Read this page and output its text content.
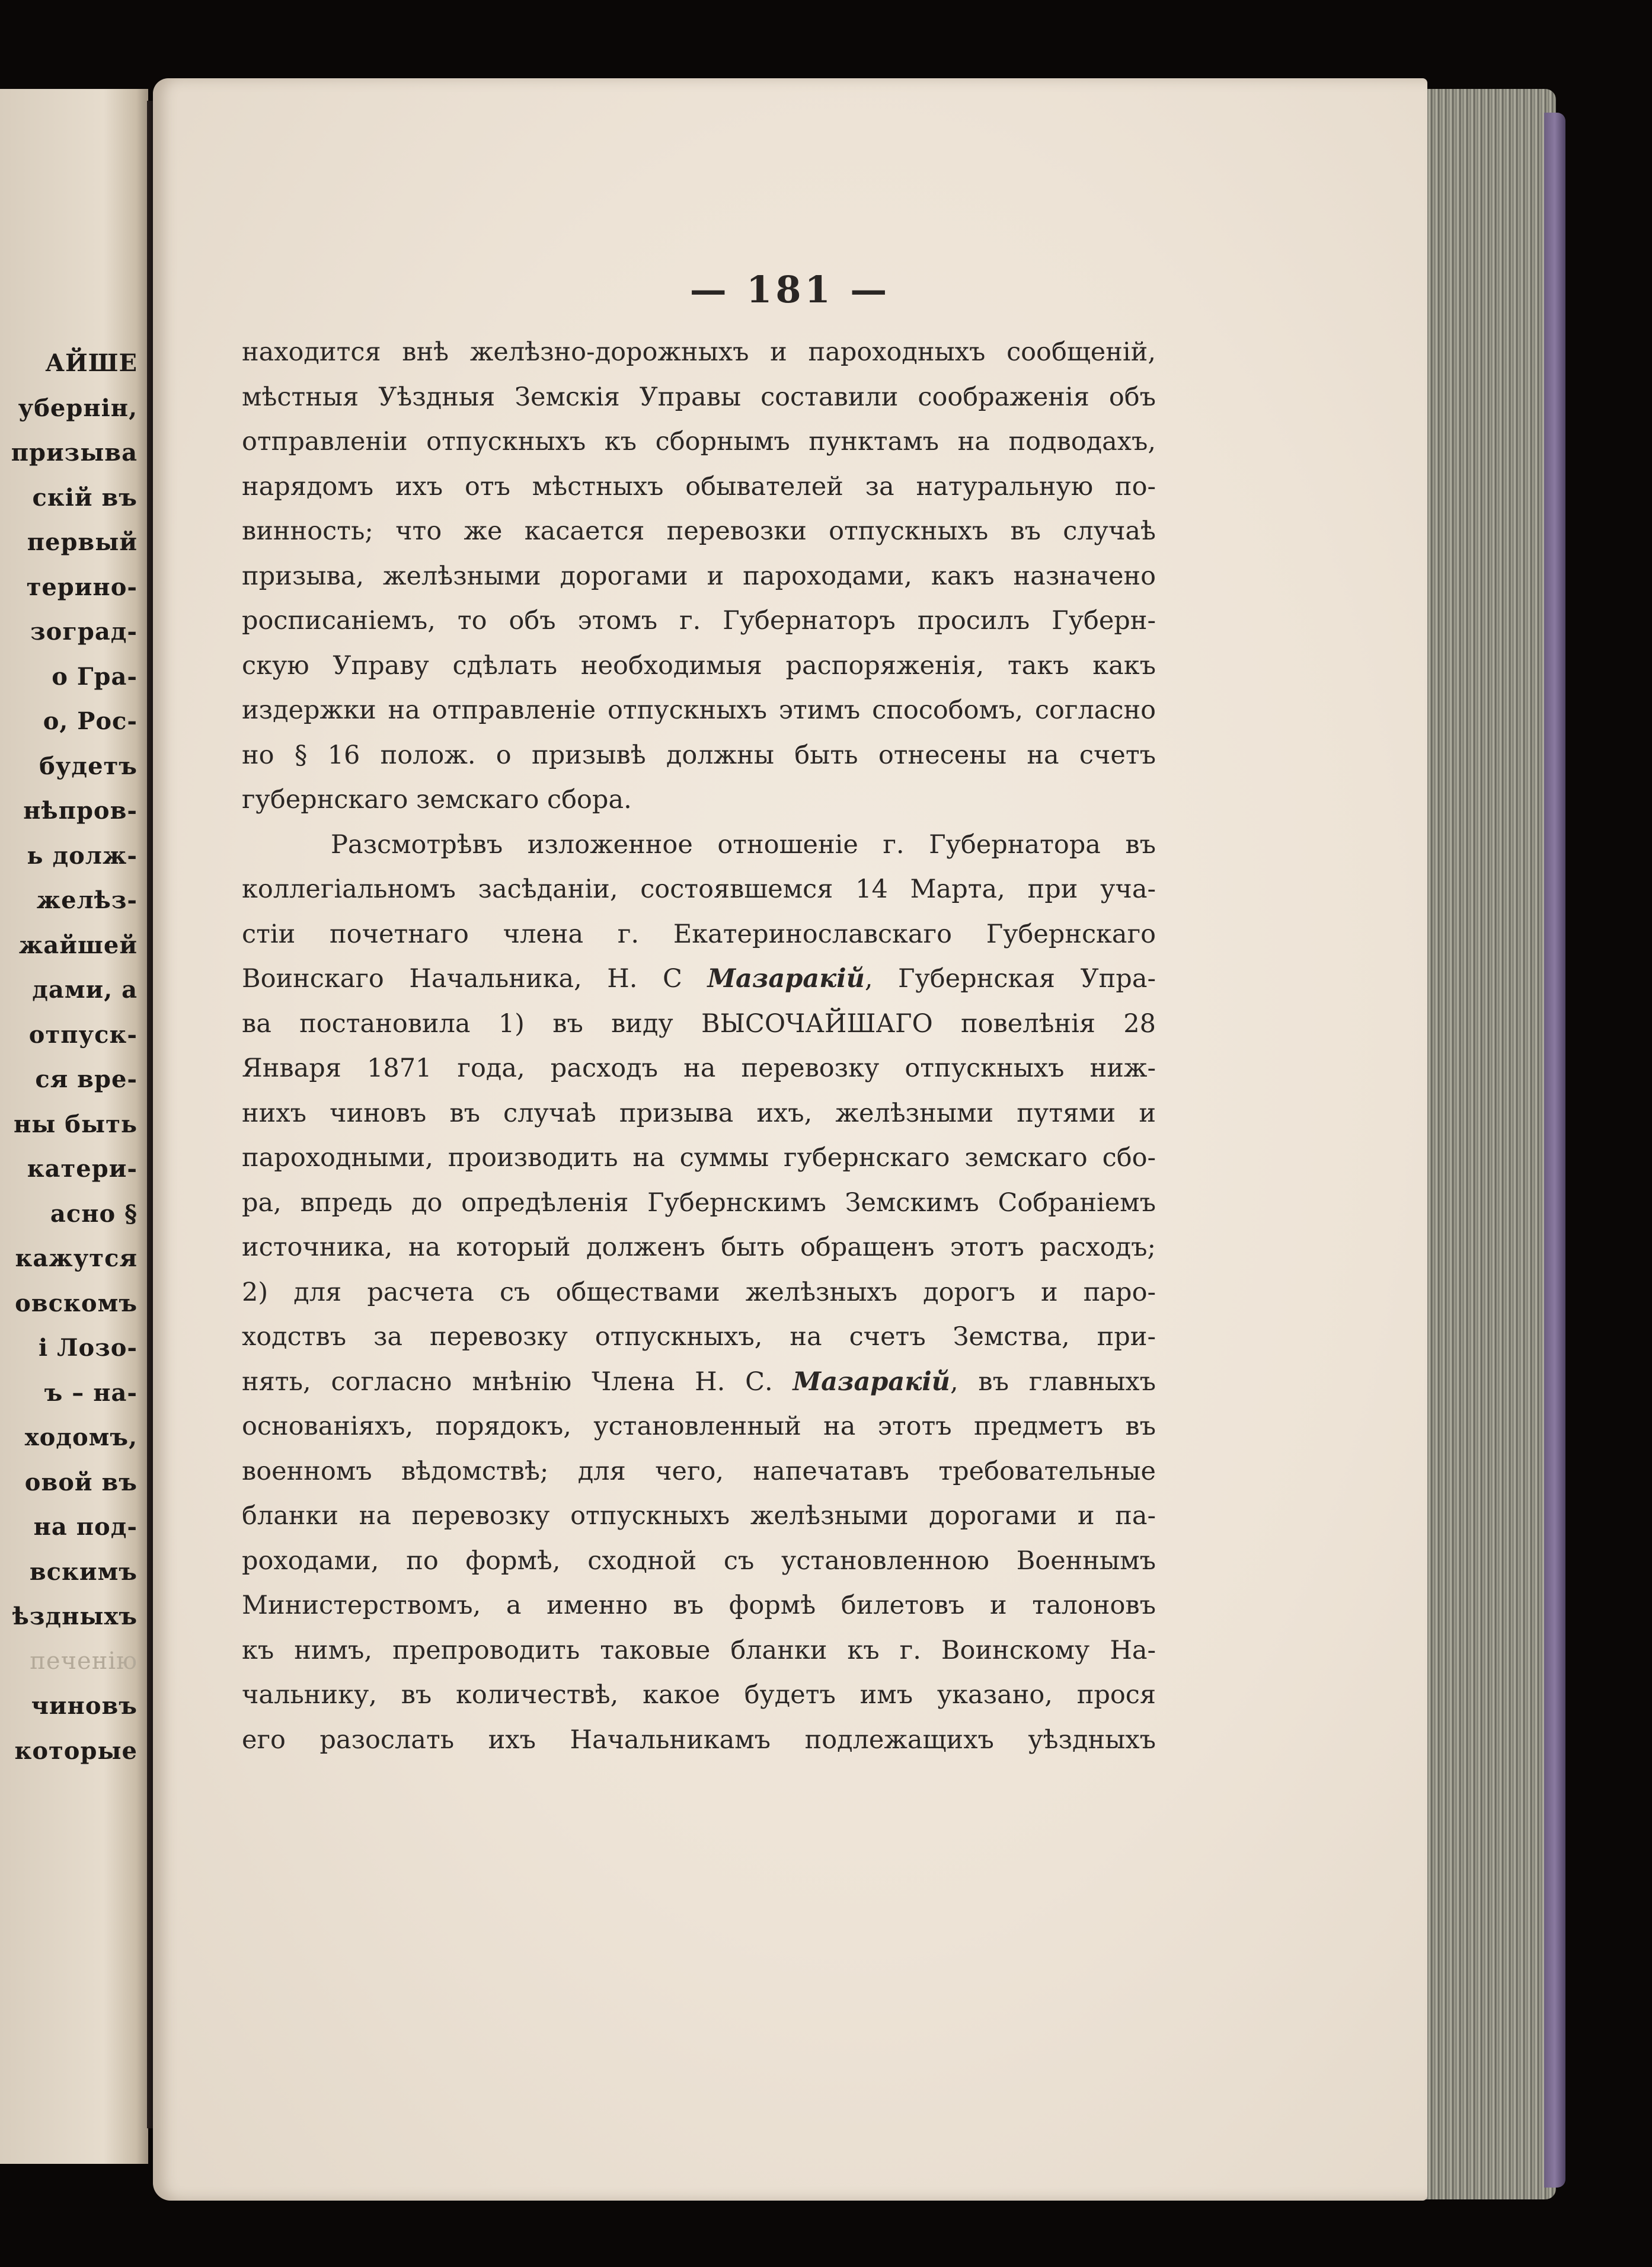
АЙШЕ
убернін,
призыва
скій въ
первый
терино-
зоград-
о Гра-
о, Рос-
будетъ
нѣпров-
ь долж-
желѣз-
жайшей
дами, а
отпуск-
ся вре-
ны быть
катери-
асно §
кажутся
овскомъ
і Лозо-
ъ – на-
ходомъ,
овой въ
на под-
вскимъ
ѣздныхъ
печенію
чиновъ
которые
— 181 —
находится внѣ желѣзно-дорожныхъ и пароходныхъ сообщеній,
мѣстныя Уѣздныя Земскія Управы составили соображенія объ
отправленіи отпускныхъ къ сборнымъ пунктамъ на подводахъ,
нарядомъ ихъ отъ мѣстныхъ обывателей за натуральную по-
винность; что же касается перевозки отпускныхъ въ случаѣ
призыва, желѣзными дорогами и пароходами, какъ назначено
росписаніемъ, то объ этомъ г. Губернаторъ просилъ Губерн-
скую Управу сдѣлать необходимыя распоряженія, такъ какъ
издержки на отправленіе отпускныхъ этимъ способомъ, согласно
но § 16 полож. о призывѣ должны быть отнесены на счетъ
губернскаго земскаго сбора.
Разсмотрѣвъ изложенное отношеніе г. Губернатора въ
коллегіальномъ засѣданіи, состоявшемся 14 Марта, при уча-
стіи почетнаго члена г. Екатеринославскаго Губернскаго
Воинскаго Начальника, Н. С Мазаракій, Губернская Упра-
ва постановила 1) въ виду ВЫСОЧАЙШАГО повелѣнія 28
Января 1871 года, расходъ на перевозку отпускныхъ ниж-
нихъ чиновъ въ случаѣ призыва ихъ, желѣзными путями и
пароходными, производить на суммы губернскаго земскаго сбо-
ра, впредь до опредѣленія Губернскимъ Земскимъ Собраніемъ
источника, на который долженъ быть обращенъ этотъ расходъ;
2) для расчета съ обществами желѣзныхъ дорогъ и паро-
ходствъ за перевозку отпускныхъ, на счетъ Земства, при-
нять, согласно мнѣнію Члена Н. С. Мазаракій, въ главныхъ
основаніяхъ, порядокъ, установленный на этотъ предметъ въ
военномъ вѣдомствѣ; для чего, напечатавъ требовательные
бланки на перевозку отпускныхъ желѣзными дорогами и па-
роходами, по формѣ, сходной съ установленною Военнымъ
Министерствомъ, а именно въ формѣ билетовъ и талоновъ
къ нимъ, препроводить таковые бланки къ г. Воинскому На-
чальнику, въ количествѣ, какое будетъ имъ указано, прося
его разослать ихъ Начальникамъ подлежащихъ уѣздныхъ
